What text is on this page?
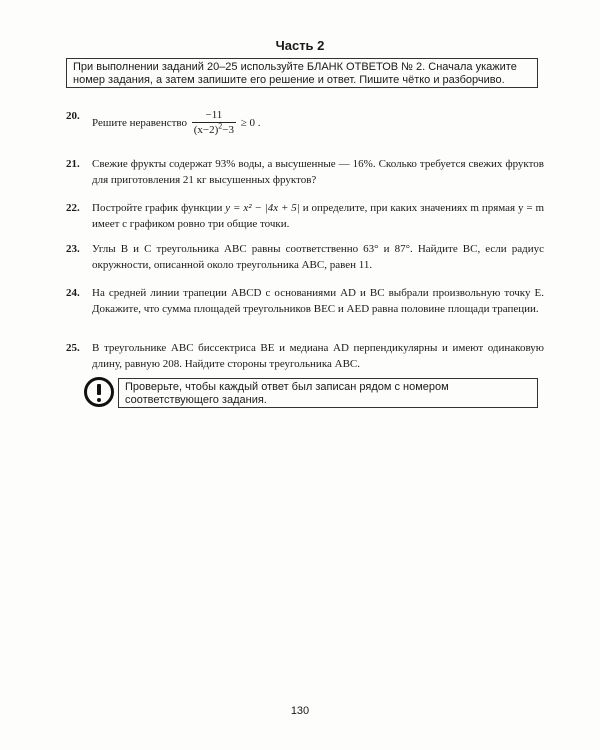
Часть 2
При выполнении заданий 20–25 используйте БЛАНК ОТВЕТОВ № 2. Сначала укажите номер задания, а затем запишите его решение и ответ. Пишите чётко и разборчиво.
20.
Решите неравенство $\frac{-11}{(x-2)^2-3} \ge 0$ .
21. Свежие фрукты содержат 93% воды, а высушенные — 16%. Сколько требуется свежих фруктов для приготовления 21 кг высушенных фруктов?
22. Постройте график функции y = x² − |4x + 5| и определите, при каких значениях m прямая y = m имеет с графиком ровно три общие точки.
23. Углы B и C треугольника ABC равны соответственно 63° и 87°. Найдите BC, если радиус окружности, описанной около треугольника ABC, равен 11.
24. На средней линии трапеции ABCD с основаниями AD и BC выбрали произвольную точку E. Докажите, что сумма площадей треугольников BEC и AED равна половине площади трапеции.
25. В треугольнике ABC биссектриса BE и медиана AD перпендикулярны и имеют одинаковую длину, равную 208. Найдите стороны треугольника ABC.
Проверьте, чтобы каждый ответ был записан рядом с номером соответствующего задания.
130
